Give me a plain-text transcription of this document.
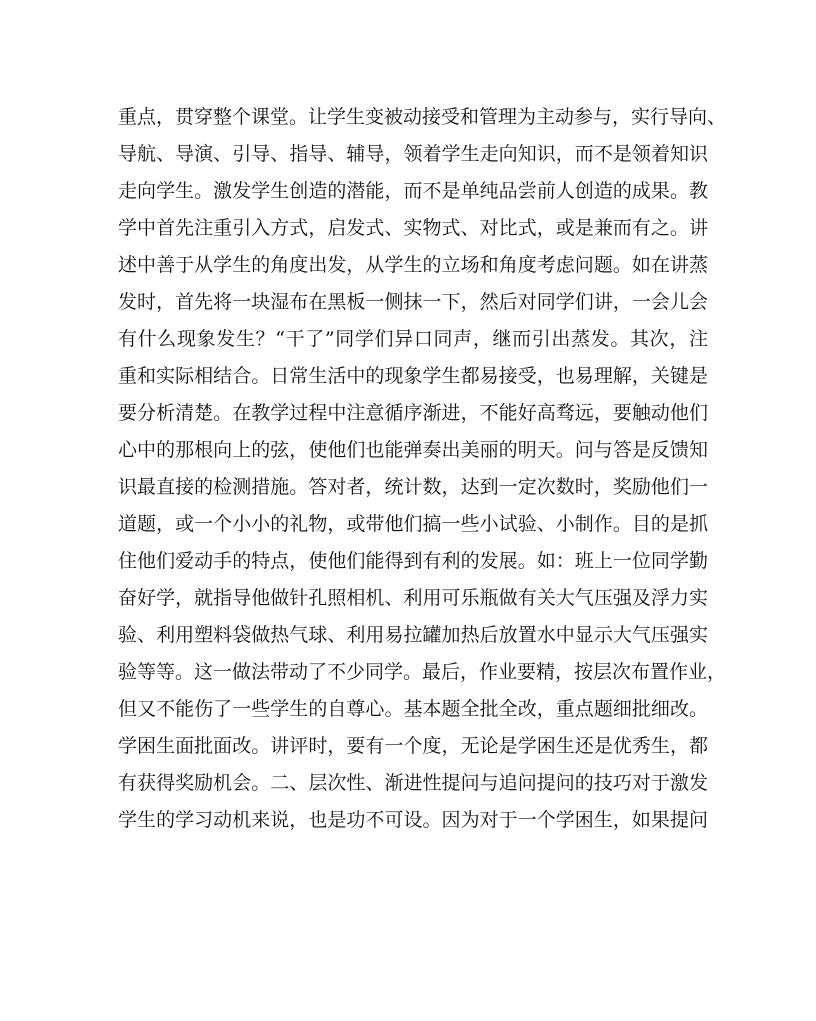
重点，贯穿整个课堂。让学生变被动接受和管理为主动参与，实行导向、
导航、导演、引导、指导、辅导，领着学生走向知识，而不是领着知识
走向学生。激发学生创造的潜能，而不是单纯品尝前人创造的成果。教
学中首先注重引入方式，启发式、实物式、对比式，或是兼而有之。讲
述中善于从学生的角度出发，从学生的立场和角度考虑问题。如在讲蒸
发时，首先将一块湿布在黑板一侧抹一下，然后对同学们讲，一会儿会
有什么现象发生？“干了”同学们异口同声，继而引出蒸发。其次，注
重和实际相结合。日常生活中的现象学生都易接受，也易理解，关键是
要分析清楚。在教学过程中注意循序渐进，不能好高骛远，要触动他们
心中的那根向上的弦，使他们也能弹奏出美丽的明天。问与答是反馈知
识最直接的检测措施。答对者，统计数，达到一定次数时，奖励他们一
道题，或一个小小的礼物，或带他们搞一些小试验、小制作。目的是抓
住他们爱动手的特点，使他们能得到有利的发展。如：班上一位同学勤
奋好学，就指导他做针孔照相机、利用可乐瓶做有关大气压强及浮力实
验、利用塑料袋做热气球、利用易拉罐加热后放置水中显示大气压强实
验等等。这一做法带动了不少同学。最后，作业要精，按层次布置作业，
但又不能伤了一些学生的自尊心。基本题全批全改，重点题细批细改。
学困生面批面改。讲评时，要有一个度，无论是学困生还是优秀生，都
有获得奖励机会。二、层次性、渐进性提问与追问提问的技巧对于激发
学生的学习动机来说，也是功不可设。因为对于一个学困生，如果提问
